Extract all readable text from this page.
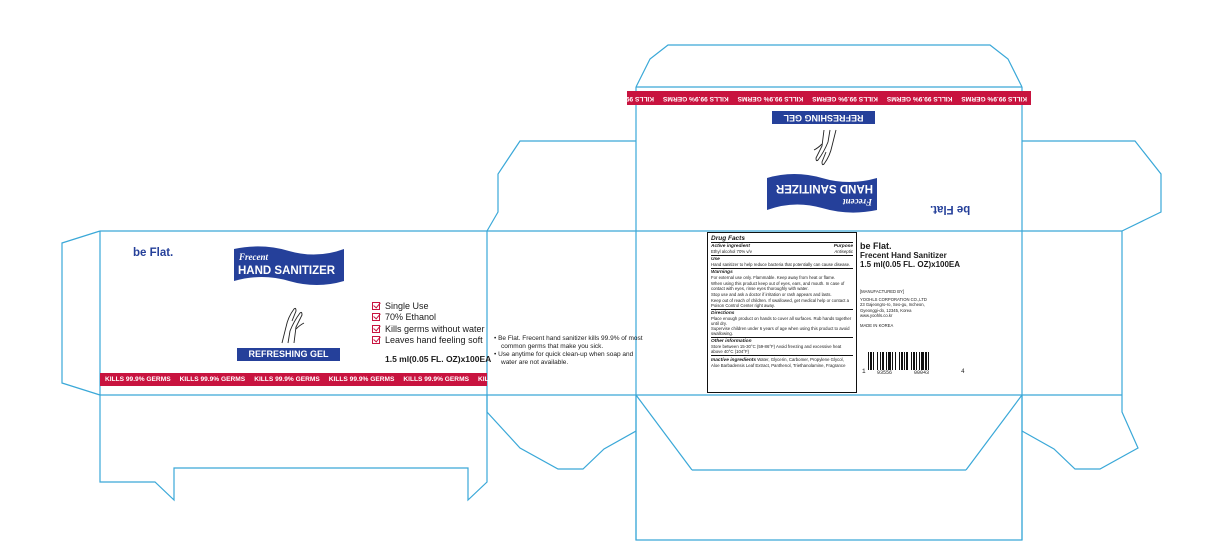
be Flat.	Frecent
HAND SANITIZER
REFRESHING GEL
Single Use
70% Ethanol
Kills germs without water
Leaves hand feeling soft
1.5 ml(0.05 FL. OZ)x100EA
KILLS 99.9% GERMS KILLS 99.9% GERMS KILLS 99.9% GERMS KILLS 99.9% GERMS KILLS 99.9% GERMS KILLS 99.9% GERMS
• Be Flat. Frecent hand sanitizer kills 99.9% of most common germs that make you sick.
• Use anytime for quick clean-up when soap and water are not available.
KILLS 99.9% GERMSKILLS 99.9% GERMSKILLS 99.9% GERMSKILLS 99.9% GERMSKILLS 99.9% GERMSKILLS 99.9% GERMS
REFRESHING GEL
Frecent
HAND SANITIZER
be Flat.
Drug Facts
Active ingredient	Purpose
Ethyl alcohol 70% v/v	Antiseptic
Use
Hand sanitizer to help reduce bacteria that potentially can cause disease.
Warnings
For external use only. Flammable. Keep away from heat or flame.
When using this product keep out of eyes, ears, and mouth. In case of contact with eyes, rinse eyes thoroughly with water.
Stop use and ask a doctor if irritation or rash appears and lasts.
Keep out of reach of children. If swallowed, get medical help or contact a Poison Control Center right away.
Directions
Place enough product on hands to cover all surfaces. Rub hands together until dry.
Supervise children under 6 years of age when using this product to avoid swallowing.
Other information
Store between 15-30°C (59-86°F) Avoid freezing and excessive heat above 40°C (104°F)
Inactive ingredients Water, Glycerin, Carbomer, Propylene Glycol, Aloe Barbadensis Leaf Extract, Panthenol, Triethanolamine, Fragrance
be Flat.
Frecent Hand Sanitizer
1.5 ml(0.05 FL. OZ)x100EA
[MANUFACTURED BY]
YOOHLS CORPORATION CO.,LTD
23 Gajeongro-ro, Seo-gu, Incheon,
Gyeonggi-do, 12345, Korea
www.yoohls.co.kr
MADE IN KOREA
1 93556	00043	4
